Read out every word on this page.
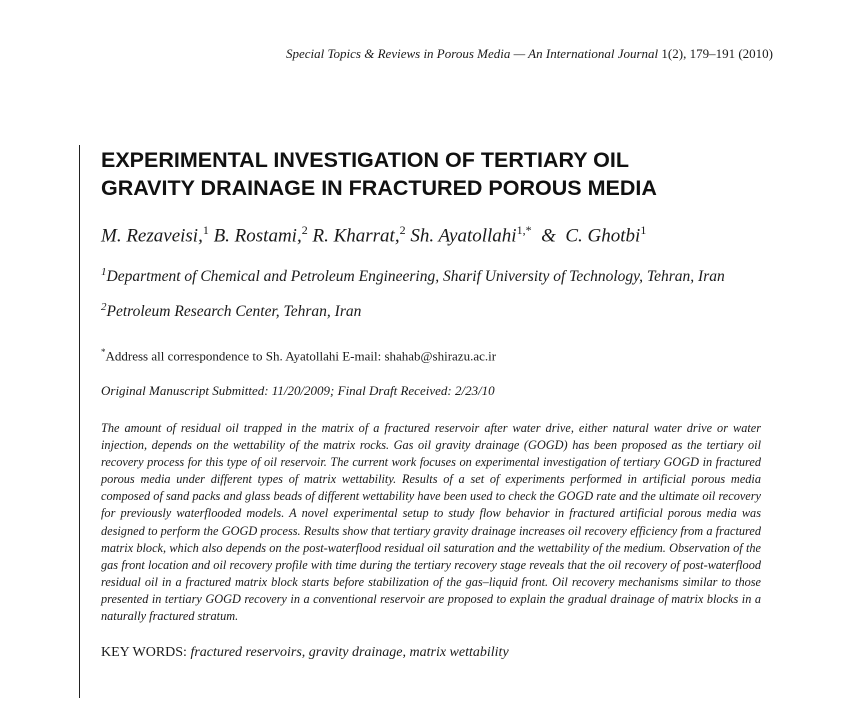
Special Topics & Reviews in Porous Media — An International Journal 1(2), 179–191 (2010)
EXPERIMENTAL INVESTIGATION OF TERTIARY OIL
GRAVITY DRAINAGE IN FRACTURED POROUS MEDIA
M. Rezaveisi,$^1$ B. Rostami,$^2$ R. Kharrat,$^2$ Sh. Ayatollahi$^{1,*}$ & C. Ghotbi$^1$
$^1$Department of Chemical and Petroleum Engineering, Sharif University of Technology, Tehran, Iran
$^2$Petroleum Research Center, Tehran, Iran
*Address all correspondence to Sh. Ayatollahi E-mail: shahab@shirazu.ac.ir
Original Manuscript Submitted: 11/20/2009; Final Draft Received: 2/23/10
The amount of residual oil trapped in the matrix of a fractured reservoir after water drive, either natural water drive or water injection, depends on the wettability of the matrix rocks. Gas oil gravity drainage (GOGD) has been proposed as the tertiary oil recovery process for this type of oil reservoir. The current work focuses on experimental investigation of tertiary GOGD in fractured porous media under different types of matrix wettability. Results of a set of experiments performed in artificial porous media composed of sand packs and glass beads of different wettability have been used to check the GOGD rate and the ultimate oil recovery for previously waterflooded models. A novel experimental setup to study flow behavior in fractured artificial porous media was designed to perform the GOGD process. Results show that tertiary gravity drainage increases oil recovery efficiency from a fractured matrix block, which also depends on the post-waterflood residual oil saturation and the wettability of the medium. Observation of the gas front location and oil recovery profile with time during the tertiary recovery stage reveals that the oil recovery of post-waterflood residual oil in a fractured matrix block starts before stabilization of the gas–liquid front. Oil recovery mechanisms similar to those presented in tertiary GOGD recovery in a conventional reservoir are proposed to explain the gradual drainage of matrix blocks in a naturally fractured stratum.
KEY WORDS: fractured reservoirs, gravity drainage, matrix wettability
